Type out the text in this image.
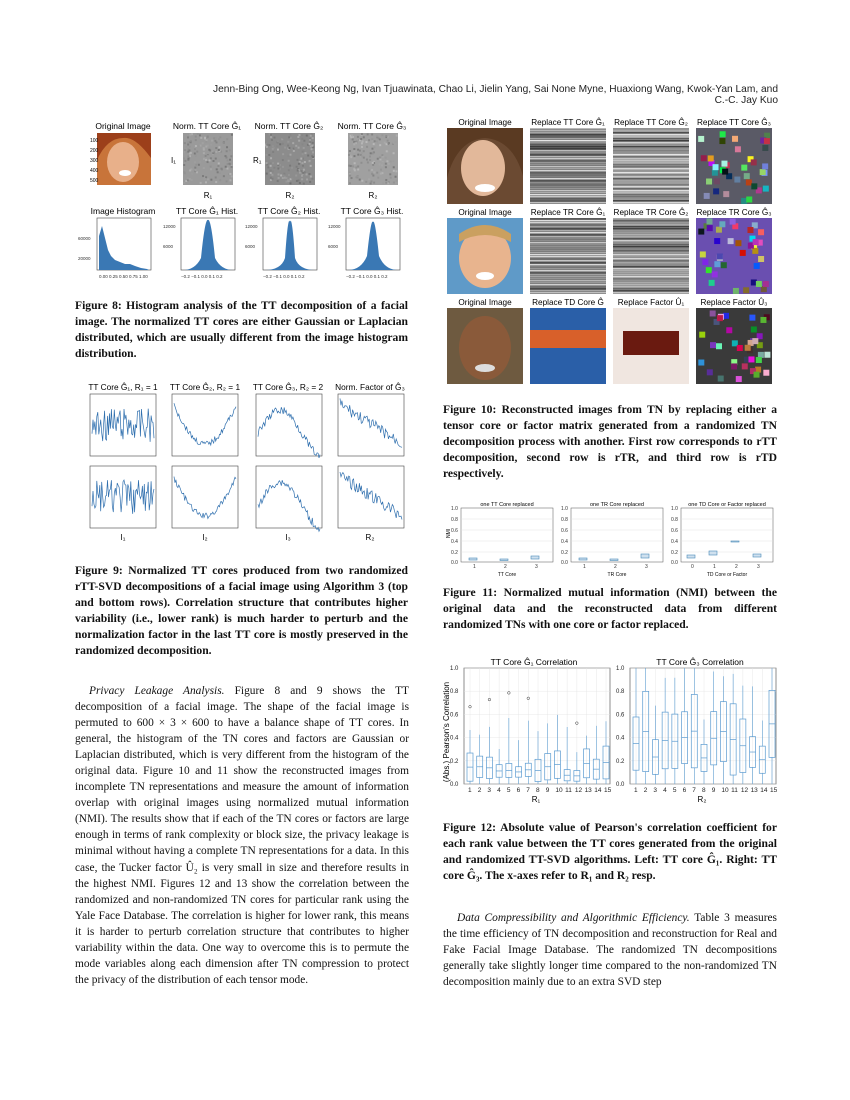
Jenn-Bing Ong, Wee-Keong Ng, Ivan Tjuawinata, Chao Li, Jielin Yang, Sai None Myne, Huaxiong Wang, Kwok-Yan Lam, and C.-C. Jay Kuo
Original Image	Norm. TT Core Ĝ₁ Norm. TT Core Ĝ₂ Norm. TT Core Ĝ₃
100
200
300
400
500
I₁	R₁
R₁	R₂	R₂
Image Histogram TT Core Ĝ₁ Hist. TT Core Ĝ₂ Hist. TT Core Ĝ₃ Hist.
0.00 0.25 0.50 0.75 1.00	−0.2 −0.1 0.0 0.1 0.2	−0.2 −0.1 0.0 0.1 0.2	−0.2 −0.1 0.0 0.1 0.2
60000
20000
12000
6000
12000
6000
12000
6000
Figure 8: Histogram analysis of the TT decomposition of a facial image. The normalized TT cores are either Gaussian or Laplacian distributed, which are usually different from the image histogram distribution.
TT Core Ĝ₁, R₁ = 1 TT Core Ĝ₂, R₂ = 1 TT Core Ĝ₃, R₂ = 2 Norm. Factor of Ĝ₃
I₁	I₂	I₃	R₂
Figure 9: Normalized TT cores produced from two randomized rTT-SVD decompositions of a facial image using Algorithm 3 (top and bottom rows). Correlation structure that contributes higher variability (i.e., lower rank) is much harder to perturb and the normalization factor in the last TT core is mostly preserved in the randomized decomposition.
Privacy Leakage Analysis. Figure 8 and 9 shows the TT decomposition of a facial image. The shape of the facial image is permuted to 600 × 3 × 600 to have a balance shape of TT cores. In general, the histogram of the TN cores and factors are Gaussian or Laplacian distributed, which is very different from the histogram of the original data. Figure 10 and 11 show the reconstructed images from incomplete TN representations and measure the amount of information overlap with original images using normalized mutual information (NMI). The results show that if each of the TN cores or factors are large enough in terms of rank complexity or block size, the privacy leakage is minimal without having a complete TN representations for a data. In this case, the Tucker factor Û₂ is very small in size and therefore results in the highest NMI. Figures 12 and 13 show the correlation between the randomized and non-randomized TN cores for particular rank using the Yale Face Database. The correlation is higher for lower rank, this means it is harder to perturb correlation structure that contributes to higher variability within the data. One way to overcome this is to permute the mode variables along each dimension after TN compression to protect the privacy of the distribution of each tensor mode.
Original Image Replace TT Core Ĝ₁ Replace TT Core Ĝ₂ Replace TT Core Ĝ₃
Original Image Replace TR Core Ĝ₁ Replace TR Core Ĝ₂ Replace TR Core Ĝ₃
Original Image	Replace TD Core Ĝ Replace Factor Û₁ Replace Factor Û₃
Figure 10: Reconstructed images from TN by replacing either a tensor core or factor matrix generated from a randomized TN decomposition process with another. First row corresponds to rTT decomposition, second row is rTR, and third row is rTD respectively.
one TT Core replaced	one TR Core replaced	one TD Core or Factor replaced
NMI
1.0
0.8
0.6
0.4
0.2
0.0
1.0
0.8
0.6
0.4
0.2
0.0
1.0
0.8
0.6
0.4
0.2
0.0
1	2	3	1	2	3	0	1	2	3
TT Core	TR Core	TD Core or Factor
Figure 11: Normalized mutual information (NMI) between the original data and the reconstructed data from different randomized TNs with one core or factor replaced.
TT Core Ĝ₁ Correlation	TT Core Ĝ₃ Correlation
(Abs.) Pearson's Correlation
0.0
0.2
0.4
0.6
0.8
1.0
1 2 3 4 5 6 7 8 9 10 11 12 13 14 15
0.0
0.2
0.4
0.6
0.8
1.0
1 2 3 4 5 6 7 8 9 10 11 12 13 14 15
R₁	R₂
Figure 12: Absolute value of Pearson's correlation coefficient for each rank value between the TT cores generated from the original and randomized TT-SVD algorithms. Left: TT core Ĝ₁. Right: TT core Ĝ₃. The x-axes refer to R₁ and R₂ resp.
Data Compressibility and Algorithmic Efficiency. Table 3 measures the time efficiency of TN decomposition and reconstruction for Real and Fake Facial Image Database. The randomized TN decompositions generally take slightly longer time compared to the non-randomized TN decomposition mainly due to an extra SVD step
